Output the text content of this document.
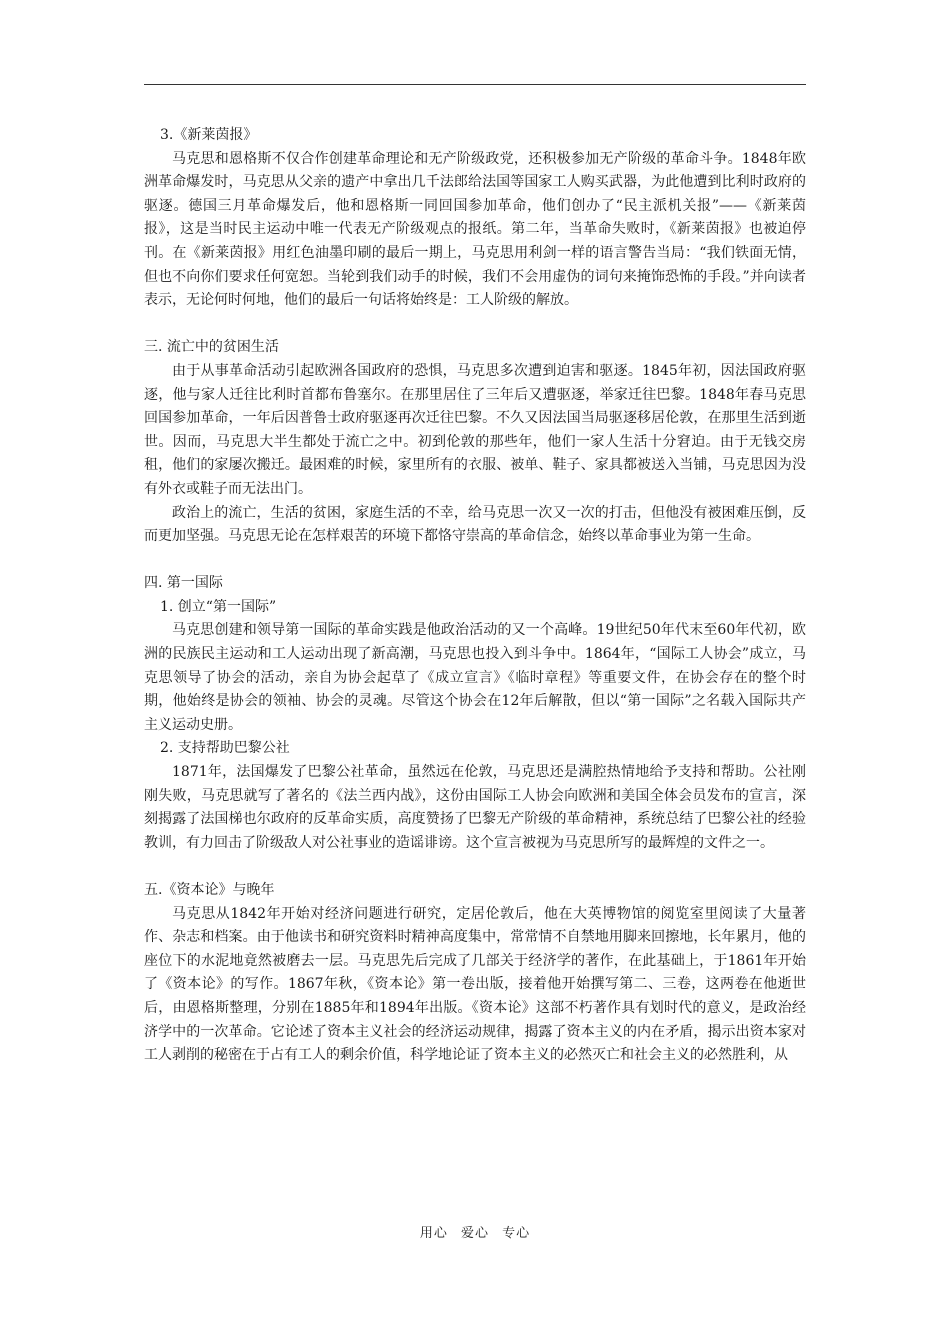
3.《新莱茵报》

马克思和恩格斯不仅合作创建革命理论和无产阶级政党，还积极参加无产阶级的革命斗争。1848年欧洲革命爆发时，马克思从父亲的遗产中拿出几千法郎给法国等国家工人购买武器，为此他遭到比利时政府的驱逐。德国三月革命爆发后，他和恩格斯一同回国参加革命，他们创办了“民主派机关报”——《新莱茵报》，这是当时民主运动中唯一代表无产阶级观点的报纸。第二年，当革命失败时，《新莱茵报》也被迫停刊。在《新莱茵报》用红色油墨印刷的最后一期上，马克思用利剑一样的语言警告当局：“我们铁面无情，但也不向你们要求任何宽恕。当轮到我们动手的时候，我们不会用虚伪的词句来掩饰恐怖的手段。”并向读者表示，无论何时何地，他们的最后一句话将始终是：工人阶级的解放。

三. 流亡中的贫困生活

由于从事革命活动引起欧洲各国政府的恐惧，马克思多次遭到迫害和驱逐。1845年初，因法国政府驱逐，他与家人迁往比利时首都布鲁塞尔。在那里居住了三年后又遭驱逐，举家迁往巴黎。1848年春马克思回国参加革命，一年后因普鲁士政府驱逐再次迁往巴黎。不久又因法国当局驱逐移居伦敦，在那里生活到逝世。因而，马克思大半生都处于流亡之中。初到伦敦的那些年，他们一家人生活十分窘迫。由于无钱交房租，他们的家屡次搬迁。最困难的时候，家里所有的衣服、被单、鞋子、家具都被送入当铺，马克思因为没有外衣或鞋子而无法出门。

政治上的流亡，生活的贫困，家庭生活的不幸，给马克思一次又一次的打击，但他没有被困难压倒，反而更加坚强。马克思无论在怎样艰苦的环境下都恪守崇高的革命信念，始终以革命事业为第一生命。

四. 第一国际

1. 创立“第一国际”

马克思创建和领导第一国际的革命实践是他政治活动的又一个高峰。19世纪50年代末至60年代初，欧洲的民族民主运动和工人运动出现了新高潮，马克思也投入到斗争中。1864年，“国际工人协会”成立，马克思领导了协会的活动，亲自为协会起草了《成立宣言》《临时章程》等重要文件，在协会存在的整个时期，他始终是协会的领袖、协会的灵魂。尽管这个协会在12年后解散，但以“第一国际”之名载入国际共产主义运动史册。

2. 支持帮助巴黎公社

1871年，法国爆发了巴黎公社革命，虽然远在伦敦，马克思还是满腔热情地给予支持和帮助。公社刚刚失败，马克思就写了著名的《法兰西内战》，这份由国际工人协会向欧洲和美国全体会员发布的宣言，深刻揭露了法国梯也尔政府的反革命实质，高度赞扬了巴黎无产阶级的革命精神，系统总结了巴黎公社的经验教训，有力回击了阶级敌人对公社事业的造谣诽谤。这个宣言被视为马克思所写的最辉煌的文件之一。

五.《资本论》与晚年

马克思从1842年开始对经济问题进行研究，定居伦敦后，他在大英博物馆的阅览室里阅读了大量著作、杂志和档案。由于他读书和研究资料时精神高度集中，常常情不自禁地用脚来回擦地，长年累月，他的座位下的水泥地竟然被磨去一层。马克思先后完成了几部关于经济学的著作，在此基础上，于1861年开始了《资本论》的写作。1867年秋，《资本论》第一卷出版，接着他开始撰写第二、三卷，这两卷在他逝世后，由恩格斯整理，分别在1885年和1894年出版。《资本论》这部不朽著作具有划时代的意义，是政治经济学中的一次革命。它论述了资本主义社会的经济运动规律，揭露了资本主义的内在矛盾，揭示出资本家对工人剥削的秘密在于占有工人的剩余价值，科学地论证了资本主义的必然灭亡和社会主义的必然胜利，从

用心 爱心 专心
